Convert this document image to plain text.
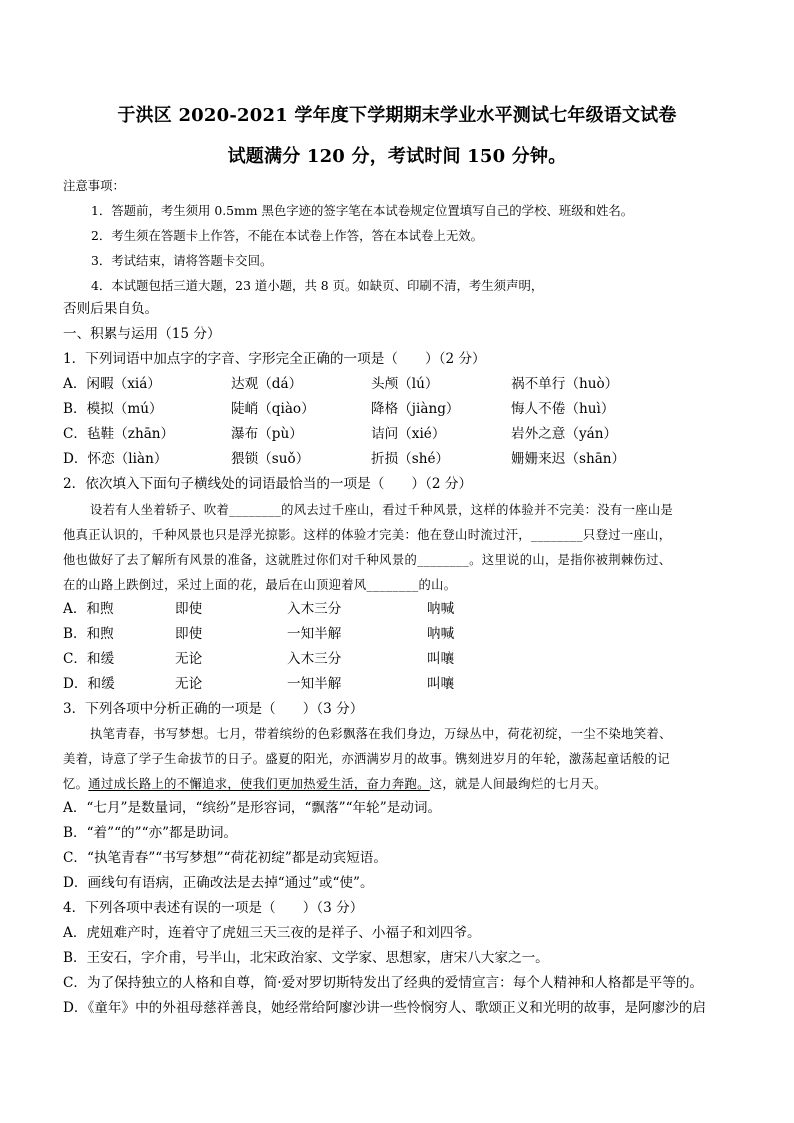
于洪区 2020-2021 学年度下学期期末学业水平测试七年级语文试卷
试题满分 120 分，考试时间 150 分钟。
注意事项：
1．答题前，考生须用 0.5mm 黑色字迹的签字笔在本试卷规定位置填写自己的学校、班级和姓名。
2．考生须在答题卡上作答，不能在本试卷上作答，答在本试卷上无效。
3．考试结束，请将答题卡交回。
4．本试题包括三道大题，23 道小题，共 8 页。如缺页、印刷不清，考生须声明，
否则后果自负。
一、积累与运用（15 分）
1．下列词语中加点字的字音、字形完全正确的一项是（　　）（2 分）
A．闲暇（xiá）	达观（dá）	头颅（lú）	祸不单行（huò）
B．模拟（mú）	陡峭（qiào）	降格（jiàng）	悔人不倦（huì）
C．毡鞋（zhān）	瀑布（pù）	诘问（xié）	岩外之意（yán）
D．怀恋（liàn）	猥锁（suǒ）	折损（shé）	姗姗来迟（shān）
2．依次填入下面句子横线处的词语最恰当的一项是（　　）（2 分）
设若有人坐着轿子、吹着________的风去过千座山，看过千种风景，这样的体验并不完美：没有一座山是
他真正认识的，千种风景也只是浮光掠影。这样的体验才完美：他在登山时流过汗，________只登过一座山，
他也做好了去了解所有风景的准备，这就胜过你们对千种风景的________。这里说的山，是指你被荆棘伤过、
在的山路上跌倒过，采过上面的花，最后在山顶迎着风________的山。
A．和煦	即使	入木三分	呐喊
B．和煦	即使	一知半解	呐喊
C．和缓	无论	入木三分	叫嚷
D．和缓	无论	一知半解	叫嚷
3．下列各项中分析正确的一项是（　　）（3 分）
执笔青春，书写梦想。七月，带着缤纷的色彩飘落在我们身边，万绿丛中，荷花初绽，一尘不染地笑着、
美着，诗意了学子生命拔节的日子。盛夏的阳光，亦洒满岁月的故事。镌刻进岁月的年轮，激荡起童话般的记
忆。通过成长路上的不懈追求，使我们更加热爱生活，奋力奔跑。这，就是人间最绚烂的七月天。
A．“七月”是数量词，“缤纷”是形容词，“飘落”“年轮”是动词。
B．“着”“的”“亦”都是助词。
C．“执笔青春”“书写梦想”“荷花初绽”都是动宾短语。
D．画线句有语病，正确改法是去掉“通过”或“使”。
4．下列各项中表述有误的一项是（　　）（3 分）
A．虎妞难产时，连着守了虎妞三天三夜的是祥子、小福子和刘四爷。
B．王安石，字介甫，号半山，北宋政治家、文学家、思想家，唐宋八大家之一。
C．为了保持独立的人格和自尊，简·爱对罗切斯特发出了经典的爱情宣言：每个人精神和人格都是平等的。
D．《童年》中的外祖母慈祥善良，她经常给阿廖沙讲一些怜悯穷人、歌颂正义和光明的故事，是阿廖沙的启
